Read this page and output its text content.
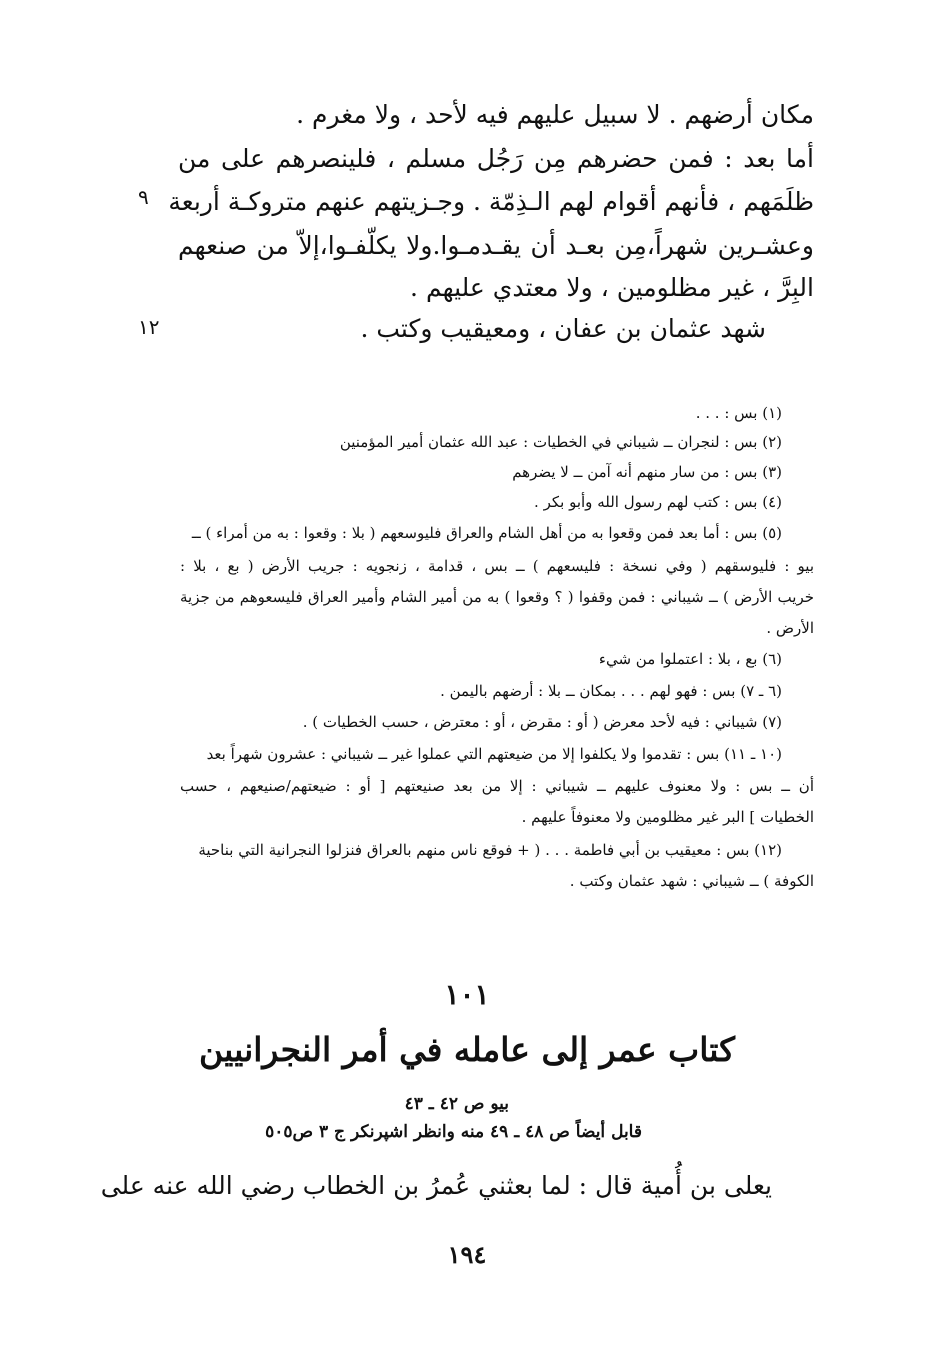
مكان أرضهم . لا سبيل عليهم فيه لأحد ، ولا مغرم .
أما بعد : فمن حضرهم مِن رَجُل مسلم ، فلينصرهم على من
ظلَمَهم ، فأنهم أقوام لهم الـذِمّة . وجـزيتهم عنهم متروكـة أربعة
وعشـرين شهراً،مِن بعـد أن يقـدمـوا.ولا يكلّفـوا،إلاّ من صنعهم
البِرَّ ، غير مظلومين ، ولا معتدي عليهم .
شهد عثمان بن عفان ، ومعيقيب وكتب .
٩
١٢
(١) بس : . . .
(٢) بس : لنجران ــ شيباني في الخطيات : عبد الله عثمان أمير المؤمنين
(٣) بس : من سار منهم أنه آمن ــ لا يضرهم
(٤) بس : كتب لهم رسول الله وأبو بكر .
(٥) بس : أما بعد فمن وقعوا به من أهل الشام والعراق فليوسعهم ( بلا : وقعوا : به من أمراء ) ــ
بيو : فليوسقهم ( وفي نسخة : فليسعهم ) ــ بس ، قدامة ، زنجويه : جريب الأرض ( بع ، بلا :
خريب الأرض ) ــ شيباني : فمن وقفوا ( ؟ وقعوا ) به من أمير الشام وأمير العراق فليسعوهم من جزية
الأرض .
(٦) بع ، بلا : اعتملوا من شيء
(٦ ـ ٧) بس : فهو لهم . . . بمكان ــ بلا : أرضهم باليمن .
(٧) شيباني : فيه لأحد معرض ( أو : مقرض ، أو : معترض ، حسب الخطيات ) .
(١٠ ـ ١١) بس : تقدموا ولا يكلفوا إلا من ضيعتهم التي عملوا غير ــ شيباني : عشرون شهراً بعد
أن ــ بس : ولا معنوف عليهم ــ شيباني : إلا من بعد صنيعتهم [ أو : ضيعتهم/صنيعهم ، حسب
الخطيات ] البر غير مظلومين ولا معنوفاً عليهم .
(١٢) بس : معيقيب بن أبي فاطمة . . . ( + فوقع ناس منهم بالعراق فنزلوا النجرانية التي بناحية
الكوفة ) ــ شيباني : شهد عثمان وكتب .
١٠١
كتاب عمر إلى عامله في أمر النجرانيين
بيو ص ٤٢ ـ ٤٣
قابل أيضاً ص ٤٨ ـ ٤٩ منه وانظر اشپرنكر ج ٣ ص٥٠٥
يعلى بن أُمية قال : لما بعثني عُمرُ بن الخطاب رضي الله عنه على
١٩٤
